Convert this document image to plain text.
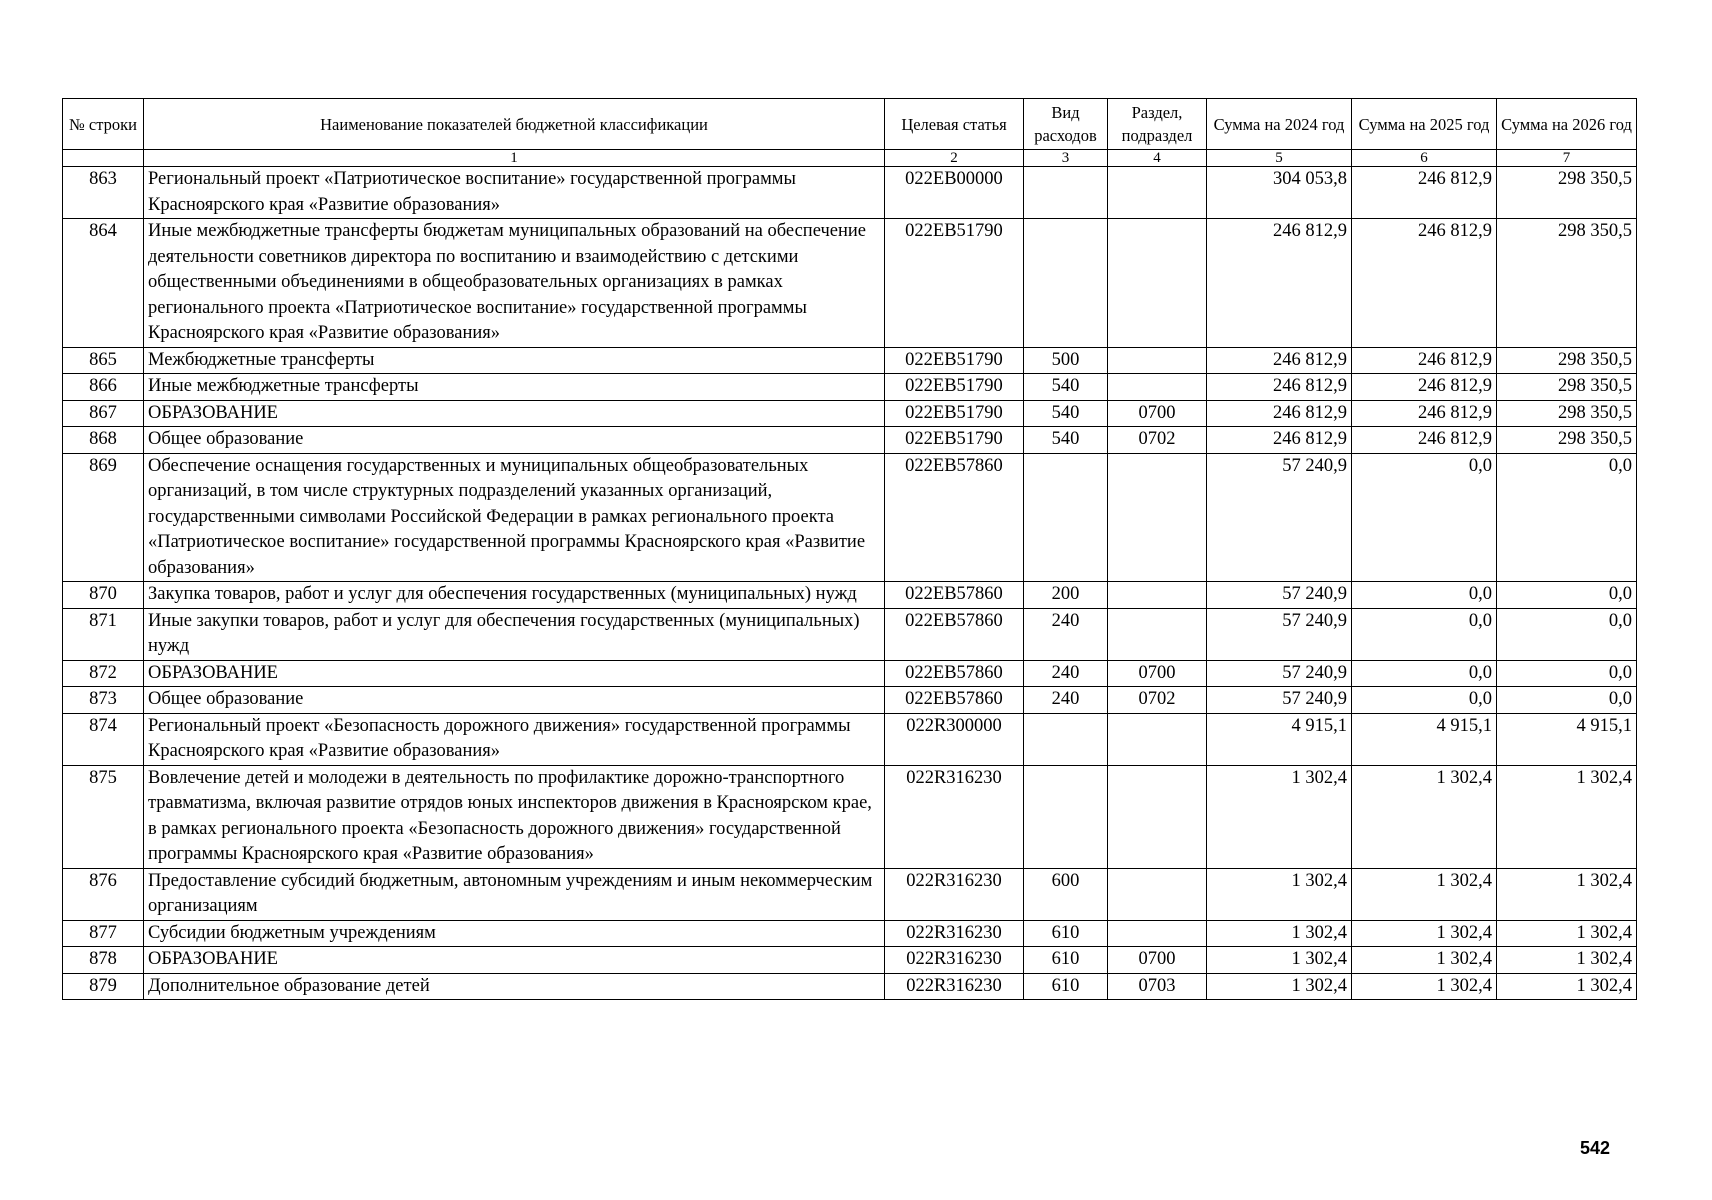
№ строки	Наименование показателей бюджетной классификации	Целевая статья	Вид расходов	Раздел, подраздел	Сумма на 2024 год	Сумма на 2025 год	Сумма на 2026 год
	1	2	3	4	5	6	7
863	Региональный проект «Патриотическое воспитание» государственной программы Красноярского края «Развитие образования»	022EB00000			304 053,8	246 812,9	298 350,5
864	Иные межбюджетные трансферты бюджетам муниципальных образований на обеспечение деятельности советников директора по воспитанию и взаимодействию с детскими общественными объединениями в общеобразовательных организациях в рамках регионального проекта «Патриотическое воспитание» государственной программы Красноярского края «Развитие образования»	022EB51790			246 812,9	246 812,9	298 350,5
865	Межбюджетные трансферты	022EB51790	500		246 812,9	246 812,9	298 350,5
866	Иные межбюджетные трансферты	022EB51790	540		246 812,9	246 812,9	298 350,5
867	ОБРАЗОВАНИЕ	022EB51790	540	0700	246 812,9	246 812,9	298 350,5
868	Общее образование	022EB51790	540	0702	246 812,9	246 812,9	298 350,5
869	Обеспечение оснащения государственных и муниципальных общеобразовательных организаций, в том числе структурных подразделений указанных организаций, государственными символами Российской Федерации в рамках регионального проекта «Патриотическое воспитание» государственной программы Красноярского края «Развитие образования»	022EB57860			57 240,9	0,0	0,0
870	Закупка товаров, работ и услуг для обеспечения государственных (муниципальных) нужд	022EB57860	200		57 240,9	0,0	0,0
871	Иные закупки товаров, работ и услуг для обеспечения государственных (муниципальных) нужд	022EB57860	240		57 240,9	0,0	0,0
872	ОБРАЗОВАНИЕ	022EB57860	240	0700	57 240,9	0,0	0,0
873	Общее образование	022EB57860	240	0702	57 240,9	0,0	0,0
874	Региональный проект «Безопасность дорожного движения» государственной программы Красноярского края «Развитие образования»	022R300000			4 915,1	4 915,1	4 915,1
875	Вовлечение детей и молодежи в деятельность по профилактике дорожно-транспортного травматизма, включая развитие отрядов юных инспекторов движения в Красноярском крае, в рамках регионального проекта «Безопасность дорожного движения» государственной программы Красноярского края «Развитие образования»	022R316230			1 302,4	1 302,4	1 302,4
876	Предоставление субсидий бюджетным, автономным учреждениям и иным некоммерческим организациям	022R316230	600		1 302,4	1 302,4	1 302,4
877	Субсидии бюджетным учреждениям	022R316230	610		1 302,4	1 302,4	1 302,4
878	ОБРАЗОВАНИЕ	022R316230	610	0700	1 302,4	1 302,4	1 302,4
879	Дополнительное образование детей	022R316230	610	0703	1 302,4	1 302,4	1 302,4
542
